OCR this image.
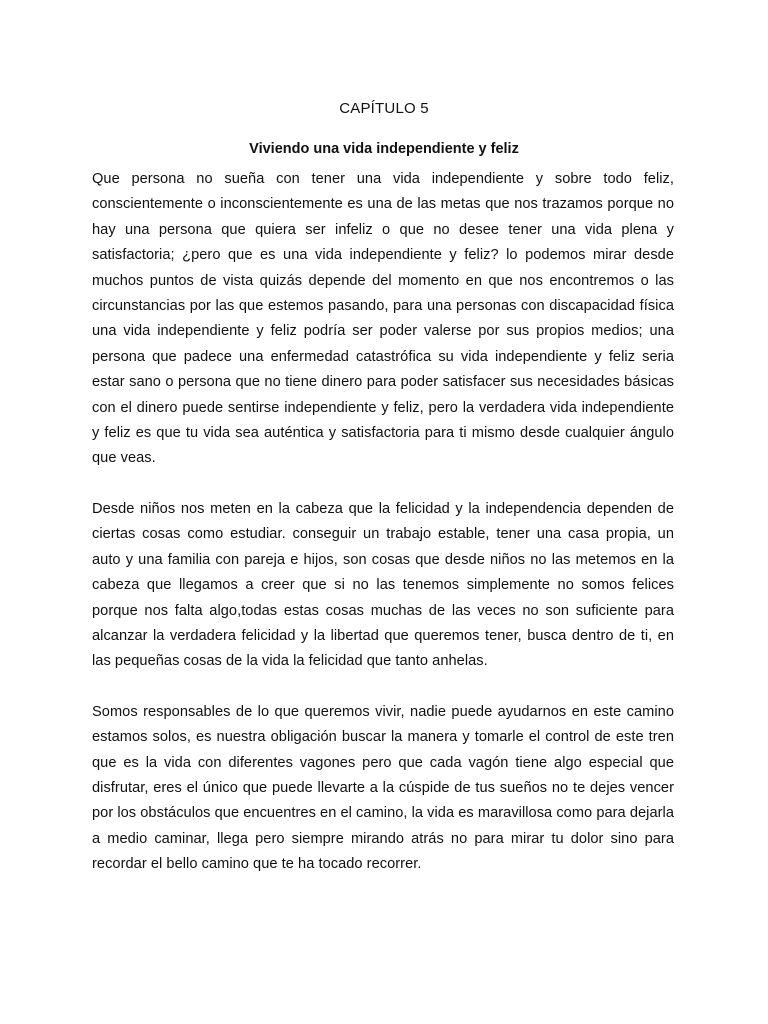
CAPÍTULO 5
Viviendo una vida independiente y feliz

Que persona no sueña con tener una vida independiente y sobre todo feliz, conscientemente o inconscientemente es una de las metas que nos trazamos porque no hay una persona que quiera ser infeliz o que no desee tener una vida plena y satisfactoria; ¿pero que es una vida independiente y feliz? lo podemos mirar desde muchos puntos de vista quizás depende del momento en que nos encontremos o las circunstancias por las que estemos pasando, para una personas con discapacidad física una vida independiente y feliz podría ser poder valerse por sus propios medios; una persona que padece una enfermedad catastrófica su vida independiente y feliz seria estar sano o persona que no tiene dinero para poder satisfacer sus necesidades básicas con el dinero puede sentirse independiente y feliz, pero la verdadera vida independiente y feliz es que tu vida sea auténtica y satisfactoria para ti mismo desde cualquier ángulo que veas.

Desde niños nos meten en la cabeza que la felicidad y la independencia dependen de ciertas cosas como estudiar. conseguir un trabajo estable, tener una casa propia, un auto y una familia con pareja e hijos, son cosas que desde niños no las metemos en la cabeza que llegamos a creer que si no las tenemos simplemente no somos felices porque nos falta algo,todas estas cosas muchas de las veces no son suficiente para alcanzar la verdadera felicidad y la libertad que queremos tener, busca dentro de ti, en las pequeñas cosas de la vida la felicidad que tanto anhelas.

Somos responsables de lo que queremos vivir, nadie puede ayudarnos en este camino estamos solos, es nuestra obligación buscar la manera y tomarle el control de este tren que es la vida con diferentes vagones pero que cada vagón tiene algo especial que disfrutar, eres el único que puede llevarte a la cúspide de tus sueños no te dejes vencer por los obstáculos que encuentres en el camino, la vida es maravillosa como para dejarla a medio caminar, llega pero siempre mirando atrás no para mirar tu dolor sino para recordar el bello camino que te ha tocado recorrer.
